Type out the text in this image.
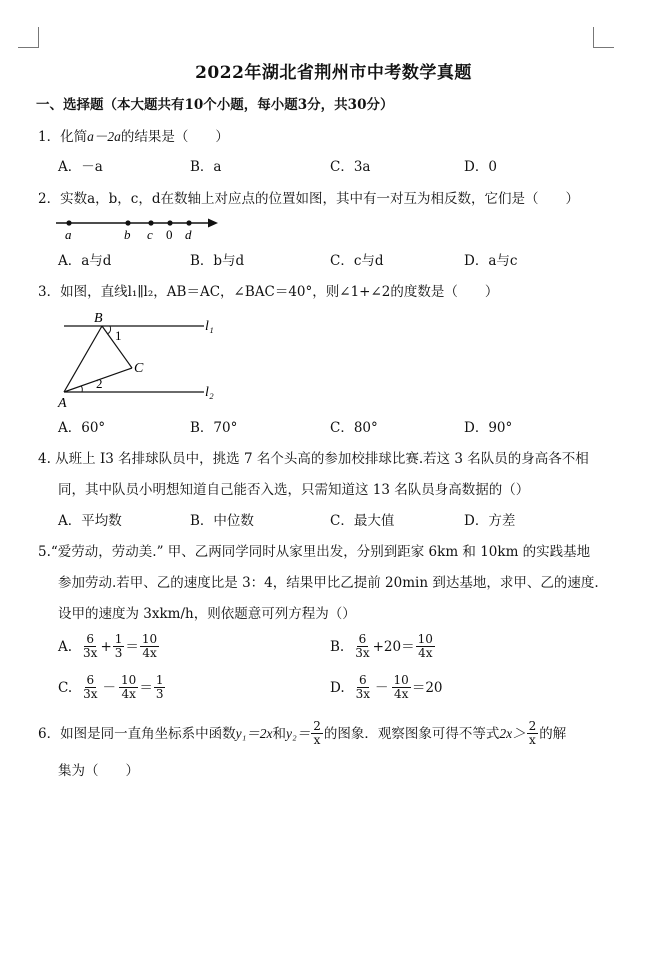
2022年湖北省荆州市中考数学真题
一、选择题（本大题共有10个小题，每小题3分，共30分）
1．化简a－2a的结果是（　　）
A．－a	B．a	C．3a	D．0
2．实数a，b，c，d在数轴上对应点的位置如图，其中有一对互为相反数，它们是（　　）
a	b c 0 d
A．a与d	B．b与d	C．c与d	D．a与c
3．如图，直线l₁∥l₂，AB＝AC，∠BAC＝40°，则∠1+∠2的度数是（　　）
B
A
C
l₁
l₂
1
2
A．60°	B．70°	C．80°	D．90°
4. 从班上 I3 名排球队员中，挑选 7 名个头高的参加校排球比赛.若这 3 名队员的身高各不相
同，其中队员小明想知道自己能否入选，只需知道这 13 名队员身高数据的（）
A．平均数	B．中位数	C．最大值	D．方差
5.“爱劳动，劳动美.” 甲、乙两同学同时从家里出发，分别到距家 6km 和 10km 的实践基地
参加劳动.若甲、乙的速度比是 3：4，结果甲比乙提前 20min 到达基地，求甲、乙的速度.
设甲的速度为 3xkm/h，则依题意可列方程为（）
A. $\frac{6}{3x} + \frac{1}{3} = \frac{10}{4x}$	B. $\frac{6}{3x} +20= \frac{10}{4x}$
C. $\frac{6}{3x} - \frac{10}{4x} = \frac{1}{3}$	D. $\frac{6}{3x} - \frac{10}{4x} =20$
6．如图是同一直角坐标系中函数 y₁＝2x 和 $y_2= \frac{2}{x}$ 的图象．观察图象可得不等式 $2x> \frac{2}{x}$ 的解
集为（　　）
